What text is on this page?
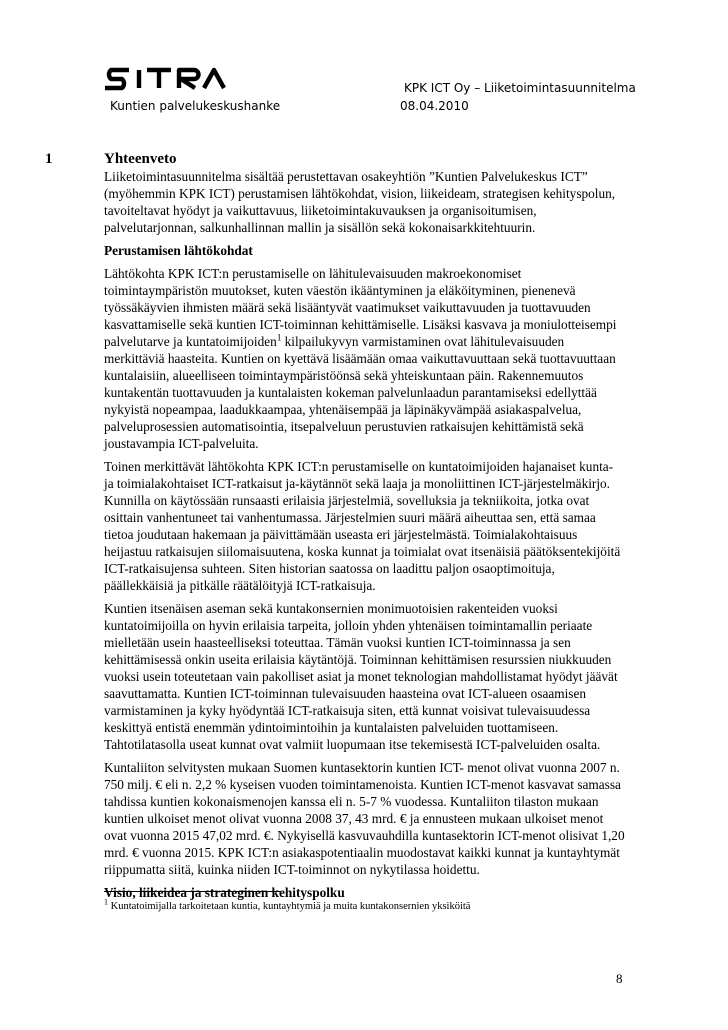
KPK ICT Oy – Liiketoimintasuunnitelma
Kuntien palvelukeskushanke	08.04.2010
1	Yhteenveto

Liiketoimintasuunnitelma sisältää perustettavan osakeyhtiön ”Kuntien Palvelukeskus ICT” (myöhemmin KPK ICT) perustamisen lähtökohdat, vision, liikeideam, strategisen kehityspolun, tavoiteltavat hyödyt ja vaikuttavuus, liiketoimintakuvauksen ja organisoitumisen, palvelutarjonnan, salkunhallinnan mallin ja sisällön sekä kokonaisarkkitehtuurin.

Perustamisen lähtökohdat

Lähtökohta KPK ICT:n perustamiselle on lähitulevaisuuden makroekonomiset toimintaympäristön muutokset, kuten väestön ikääntyminen ja eläköityminen, pienenevä työssäkäyvien ihmisten määrä sekä lisääntyvät vaatimukset vaikuttavuuden ja tuottavuuden kasvattamiselle sekä kuntien ICT-toiminnan kehittämiselle. Lisäksi kasvava ja moniulotteisempi palvelutarve ja kuntatoimijoiden$^1$ kilpailukyvyn varmistaminen ovat lähitulevaisuuden merkittäviä haasteita. Kuntien on kyettävä lisäämään omaa vaikuttavuuttaan sekä tuottavuuttaan kuntalaisiin, alueelliseen toimintaympäristöönsä sekä yhteiskuntaan päin. Rakennemuutos kuntakentän tuottavuuden ja kuntalaisten kokeman palvelunlaadun parantamiseksi edellyttää nykyistä nopeampaa, laadukkaampaa, yhtenäisempää ja läpinäkyvämpää asiakaspalvelua, palveluprosessien automatisointia, itsepalveluun perustuvien ratkaisujen kehittämistä sekä joustavampia ICT-palveluita.

Toinen merkittävät lähtökohta KPK ICT:n perustamiselle on kuntatoimijoiden hajanaiset kunta- ja toimialakohtaiset ICT-ratkaisut ja-käytännöt sekä laaja ja monoliittinen ICT-järjestelmäkirjo. Kunnilla on käytössään runsaasti erilaisia järjestelmiä, sovelluksia ja tekniikoita, jotka ovat osittain vanhentuneet tai vanhentumassa. Järjestelmien suuri määrä aiheuttaa sen, että samaa tietoa joudutaan hakemaan ja päivittämään useasta eri järjestelmästä. Toimialakohtaisuus heijastuu ratkaisujen siilomaisuutena, koska kunnat ja toimialat ovat itsenäisiä päätöksentekijöitä ICT-ratkaisujensa suhteen. Siten historian saatossa on laadittu paljon osaoptimoituja, päällekkäisiä ja pitkälle räätälöityjä ICT-ratkaisuja.

Kuntien itsenäisen aseman sekä kuntakonsernien monimuotoisien rakenteiden vuoksi kuntatoimijoilla on hyvin erilaisia tarpeita, jolloin yhden yhtenäisen toimintamallin periaate mielletään usein haasteelliseksi toteuttaa. Tämän vuoksi kuntien ICT-toiminnassa ja sen kehittämisessä onkin useita erilaisia käytäntöjä. Toiminnan kehittämisen resurssien niukkuuden vuoksi usein toteutetaan vain pakolliset asiat ja monet teknologian mahdollistamat hyödyt jäävät saavuttamatta. Kuntien ICT-toiminnan tulevaisuuden haasteina ovat ICT-alueen osaamisen varmistaminen ja kyky hyödyntää ICT-ratkaisuja siten, että kunnat voisivat tulevaisuudessa keskittyä entistä enemmän ydintoimintoihin ja kuntalaisten palveluiden tuottamiseen. Tahtotilatasolla useat kunnat ovat valmiit luopumaan itse tekemisestä ICT-palveluiden osalta.

Kuntaliiton selvitysten mukaan Suomen kuntasektorin kuntien ICT- menot olivat vuonna 2007 n. 750 milj. € eli n. 2,2 % kyseisen vuoden toimintamenoista. Kuntien ICT-menot kasvavat samassa tahdissa kuntien kokonaismenojen kanssa eli n. 5-7 % vuodessa. Kuntaliiton tilaston mukaan kuntien ulkoiset menot olivat vuonna 2008 37, 43 mrd. € ja ennusteen mukaan ulkoiset menot ovat vuonna 2015 47,02 mrd. €. Nykyisellä kasvuvauhdilla kuntasektorin ICT-menot olisivat 1,20 mrd. € vuonna 2015. KPK ICT:n asiakaspotentiaalin muodostavat kaikki kunnat ja kuntayhtymät riippumatta siitä, kuinka niiden ICT-toiminnot on nykytilassa hoidettu.

Visio, liikeidea ja strateginen kehityspolku

$^1$ Kuntatoimijalla tarkoitetaan kuntia, kuntayhtymiä ja muita kuntakonsernien yksiköitä
8
